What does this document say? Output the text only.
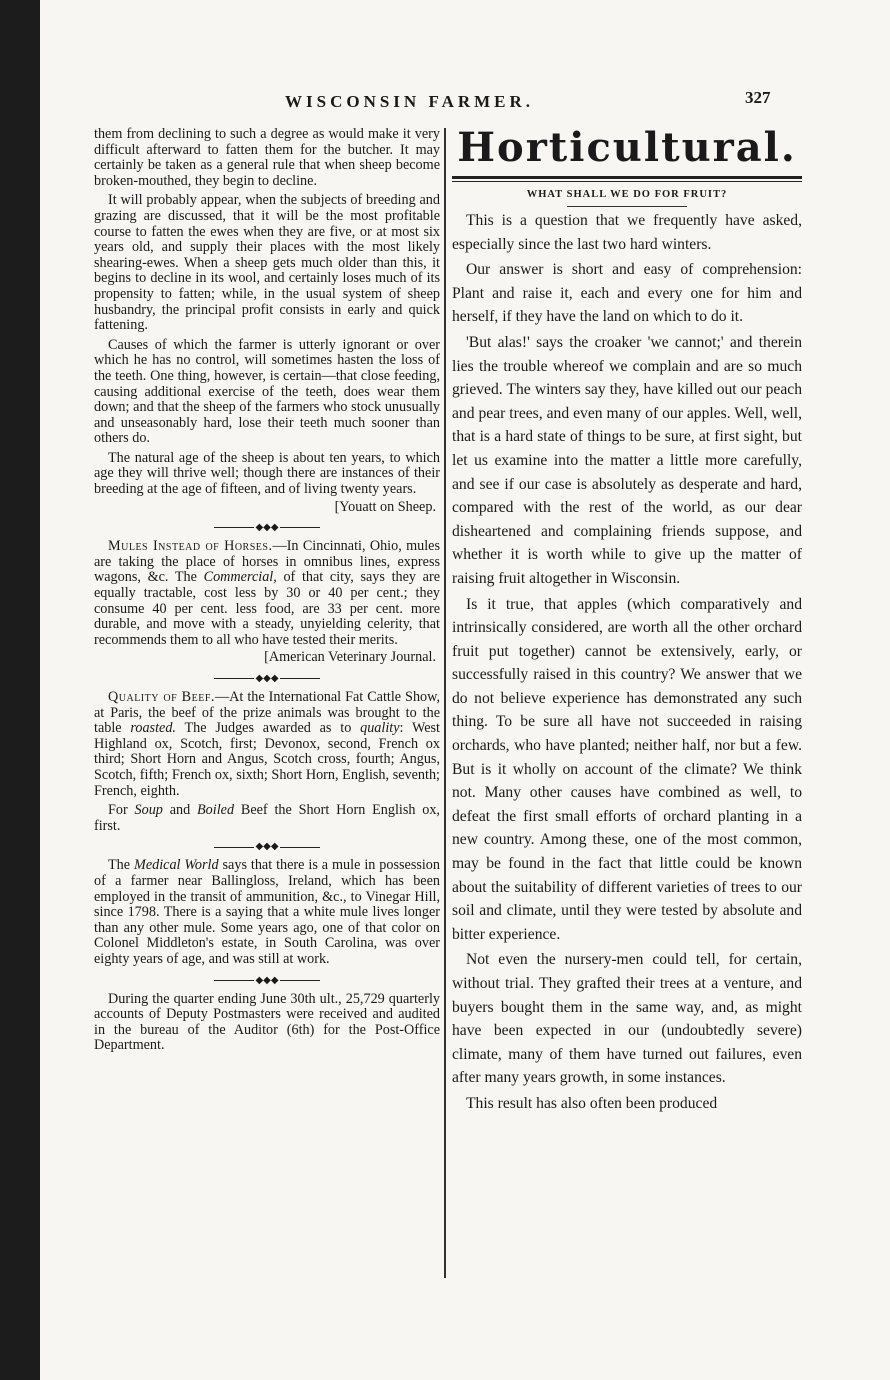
WISCONSIN FARMER.	327

them from declining to such a degree as would make it very difficult afterward to fatten them for the butcher. It may certainly be taken as a general rule that when sheep become broken-mouthed, they begin to decline.

It will probably appear, when the subjects of breeding and grazing are discussed, that it will be the most profitable course to fatten the ewes when they are five, or at most six years old, and supply their places with the most likely shearing-ewes. When a sheep gets much older than this, it begins to decline in its wool, and certainly loses much of its propensity to fatten; while, in the usual system of sheep husbandry, the principal profit consists in early and quick fattening.

Causes of which the farmer is utterly ignorant or over which he has no control, will sometimes hasten the loss of the teeth. One thing, however, is certain—that close feeding, causing additional exercise of the teeth, does wear them down; and that the sheep of the farmers who stock unusually and unseasonably hard, lose their teeth much sooner than others do.

The natural age of the sheep is about ten years, to which age they will thrive well; though there are instances of their breeding at the age of fifteen, and of living twenty years.

[Youatt on Sheep.
◆◆◆

Mules Instead of Horses.—In Cincinnati, Ohio, mules are taking the place of horses in omnibus lines, express wagons, &c. The Commercial, of that city, says they are equally tractable, cost less by 30 or 40 per cent.; they consume 40 per cent. less food, are 33 per cent. more durable, and move with a steady, unyielding celerity, that recommends them to all who have tested their merits.

[American Veterinary Journal.
◆◆◆

Quality of Beef.—At the International Fat Cattle Show, at Paris, the beef of the prize animals was brought to the table roasted. The Judges awarded as to quality: West Highland ox, Scotch, first; Devonox, second, French ox third; Short Horn and Angus, Scotch cross, fourth; Angus, Scotch, fifth; French ox, sixth; Short Horn, English, seventh; French, eighth.

For Soup and Boiled Beef the Short Horn English ox, first.

◆◆◆

The Medical World says that there is a mule in possession of a farmer near Ballingloss, Ireland, which has been employed in the transit of ammunition, &c., to Vinegar Hill, since 1798. There is a saying that a white mule lives longer than any other mule. Some years ago, one of that color on Colonel Middleton's estate, in South Carolina, was over eighty years of age, and was still at work.

◆◆◆

During the quarter ending June 30th ult., 25,729 quarterly accounts of Deputy Postmasters were received and audited in the bureau of the Auditor (6th) for the Post-Office Department.

Horticultural.
WHAT SHALL WE DO FOR FRUIT?

This is a question that we frequently have asked, especially since the last two hard winters.

Our answer is short and easy of comprehension: Plant and raise it, each and every one for him and herself, if they have the land on which to do it.

'But alas!' says the croaker 'we cannot;' and therein lies the trouble whereof we complain and are so much grieved. The winters say they, have killed out our peach and pear trees, and even many of our apples. Well, well, that is a hard state of things to be sure, at first sight, but let us examine into the matter a little more carefully, and see if our case is absolutely as desperate and hard, compared with the rest of the world, as our dear disheartened and complaining friends suppose, and whether it is worth while to give up the matter of raising fruit altogether in Wisconsin.

Is it true, that apples (which comparatively and intrinsically considered, are worth all the other orchard fruit put together) cannot be extensively, early, or successfully raised in this country? We answer that we do not believe experience has demonstrated any such thing. To be sure all have not succeeded in raising orchards, who have planted; neither half, nor but a few. But is it wholly on account of the climate? We think not. Many other causes have combined as well, to defeat the first small efforts of orchard planting in a new country. Among these, one of the most common, may be found in the fact that little could be known about the suitability of different varieties of trees to our soil and climate, until they were tested by absolute and bitter experience.

Not even the nursery-men could tell, for certain, without trial. They grafted their trees at a venture, and buyers bought them in the same way, and, as might have been expected in our (undoubtedly severe) climate, many of them have turned out failures, even after many years growth, in some instances.

This result has also often been produced
